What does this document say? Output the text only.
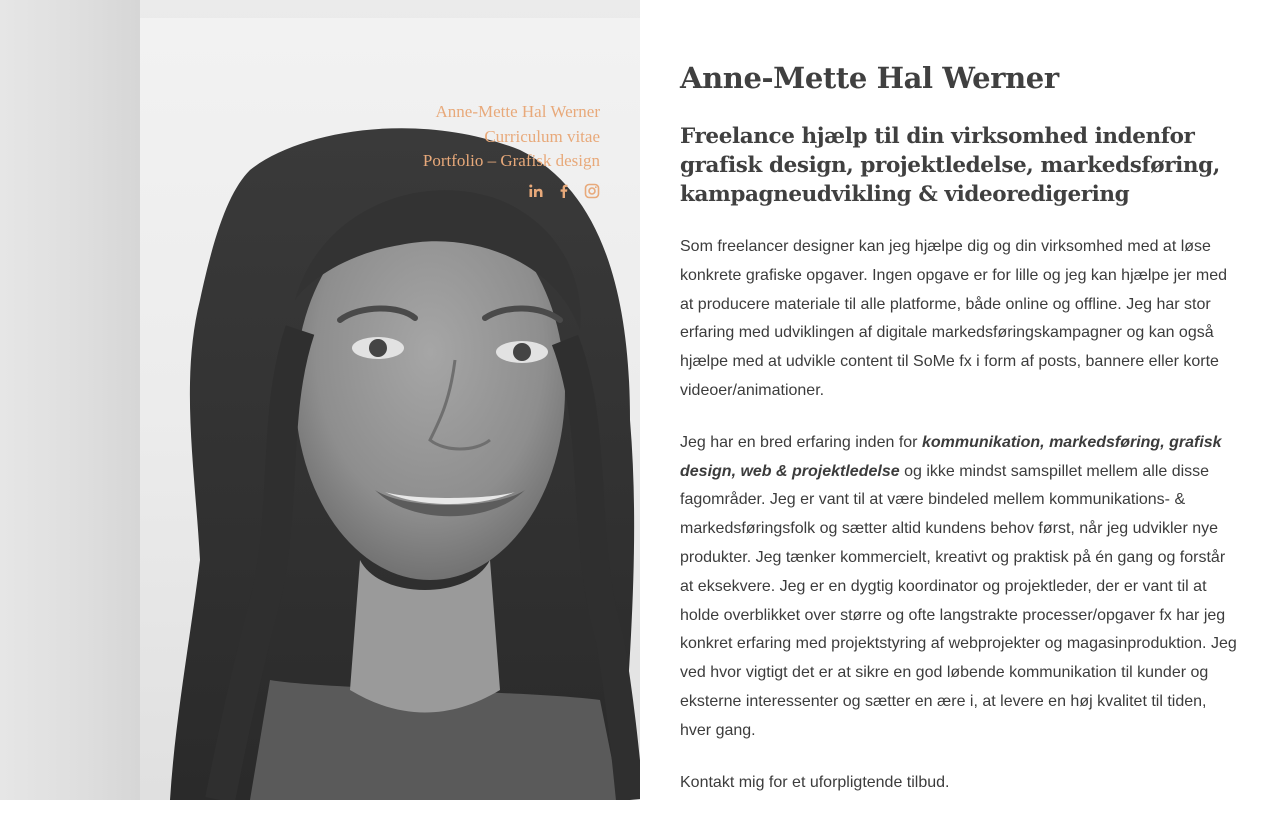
Anne-Mette Hal Werner
Curriculum vitae
Portfolio – Grafisk design
Anne-Mette Hal Werner
Freelance hjælp til din virksomhed indenfor grafisk design, projektledelse, markedsføring, kampagneudvikling & videoredigering

Som freelancer designer kan jeg hjælpe dig og din virksomhed med at løse konkrete grafiske opgaver. Ingen opgave er for lille og jeg kan hjælpe jer med at producere materiale til alle platforme, både online og offline. Jeg har stor erfaring med udviklingen af digitale markedsføringskampagner og kan også hjælpe med at udvikle content til SoMe fx i form af posts, bannere eller korte videoer/animationer.

Jeg har en bred erfaring inden for kommunikation, markedsføring, grafisk design, web & projektledelse og ikke mindst samspillet mellem alle disse fagområder. Jeg er vant til at være bindeled mellem kommunikations- & markedsføringsfolk og sætter altid kundens behov først, når jeg udvikler nye produkter. Jeg tænker kommercielt, kreativt og praktisk på én gang og forstår at eksekvere. Jeg er en dygtig koordinator og projektleder, der er vant til at holde overblikket over større og ofte langstrakte processer/opgaver fx har jeg konkret erfaring med projektstyring af webprojekter og magasinproduktion. Jeg ved hvor vigtigt det er at sikre en god løbende kommunikation til kunder og eksterne interessenter og sætter en ære i, at levere en høj kvalitet til tiden, hver gang.

Kontakt mig for et uforpligtende tilbud.
